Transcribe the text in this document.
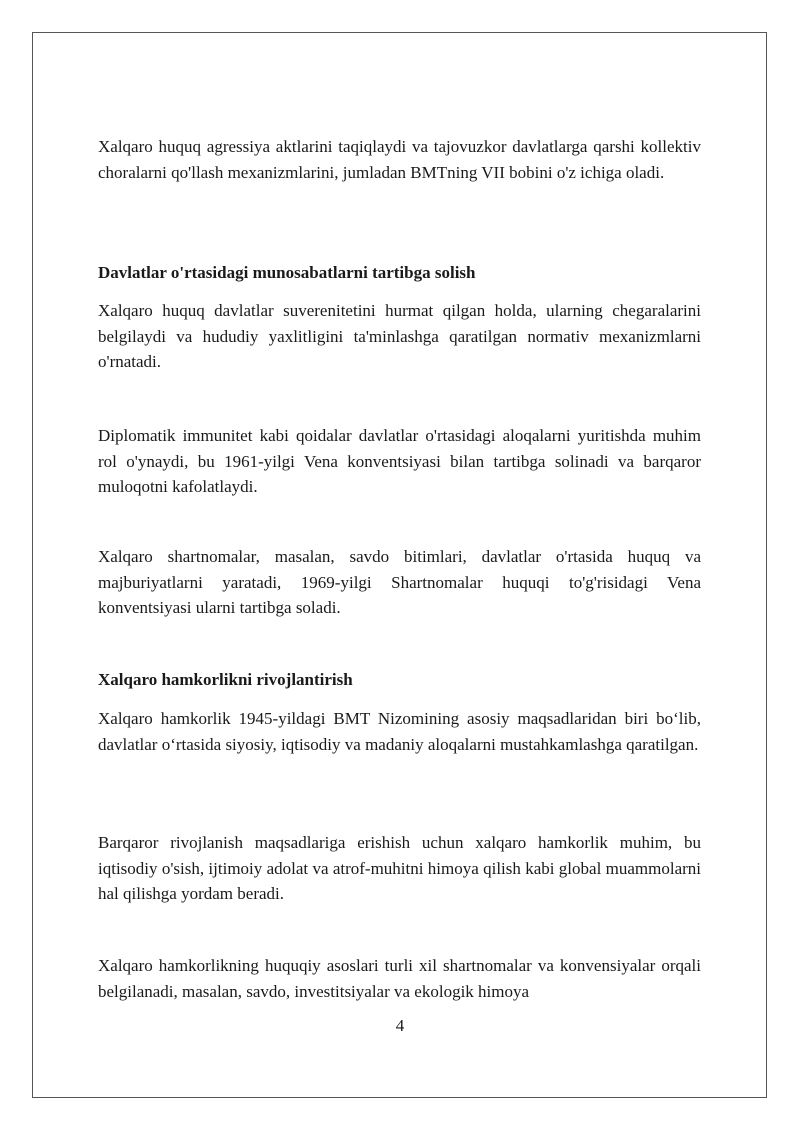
Xalqaro huquq agressiya aktlarini taqiqlaydi va tajovuzkor davlatlarga qarshi kollektiv choralarni qo'llash mexanizmlarini, jumladan BMTning VII bobini o'z ichiga oladi.

Davlatlar o'rtasidagi munosabatlarni tartibga solish

Xalqaro huquq davlatlar suverenitetini hurmat qilgan holda, ularning chegaralarini belgilaydi va hududiy yaxlitligini ta'minlashga qaratilgan normativ mexanizmlarni o'rnatadi.

Diplomatik immunitet kabi qoidalar davlatlar o'rtasidagi aloqalarni yuritishda muhim rol o'ynaydi, bu 1961-yilgi Vena konventsiyasi bilan tartibga solinadi va barqaror muloqotni kafolatlaydi.

Xalqaro shartnomalar, masalan, savdo bitimlari, davlatlar o'rtasida huquq va majburiyatlarni yaratadi, 1969-yilgi Shartnomalar huquqi to'g'risidagi Vena konventsiyasi ularni tartibga soladi.

Xalqaro hamkorlikni rivojlantirish

Xalqaro hamkorlik 1945-yildagi BMT Nizomining asosiy maqsadlaridan biri bo‘lib, davlatlar o‘rtasida siyosiy, iqtisodiy va madaniy aloqalarni mustahkamlashga qaratilgan.

Barqaror rivojlanish maqsadlariga erishish uchun xalqaro hamkorlik muhim, bu iqtisodiy o'sish, ijtimoiy adolat va atrof-muhitni himoya qilish kabi global muammolarni hal qilishga yordam beradi.

Xalqaro hamkorlikning huquqiy asoslari turli xil shartnomalar va konvensiyalar orqali belgilanadi, masalan, savdo, investitsiyalar va ekologik himoya

4
